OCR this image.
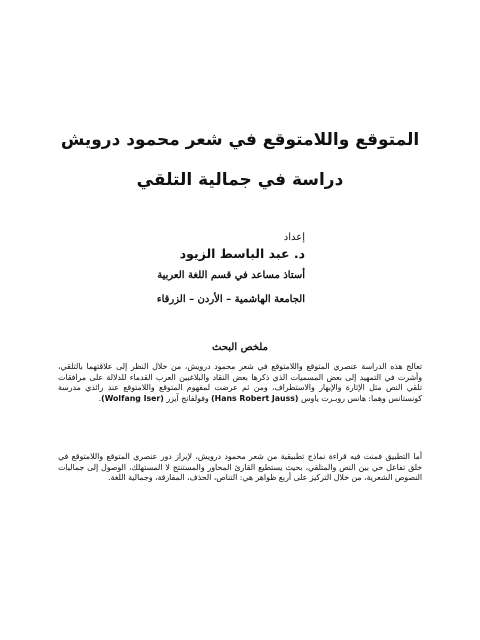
المتوقع واللامتوقع في شعر محمود درويش
دراسة في جمالية التلقي
إعداد
د. عبد الباسط الزيود
أستاذ مساعد في قسم اللغة العربية
الجامعة الهاشمية – الأردن – الزرقاء
ملخص البحث
تعالج هذه الدراسة عنصري المتوقع واللامتوقع في شعر محمود درويش، من خلال النظر إلى علاقتهما بالتلقي، وأشرت في التمهيد إلى بعض المسميات الذي ذكرها بعض النقاد والبلاغيين العرب القدماء للدلالة على مرافقات تلقي النص مثل الإثارة والإبهار والاستطراف، ومن ثم عرضت لمفهوم المتوقع واللامتوقع عند رائدي مدرسة كونستانس وهما: هانس روبـرت ياوس (Hans Robert Jauss) وفولفانج آيزر (Wolfang Iser).
أما التطبيق فمنت فيه قراءة نماذج تطبيقية من شعر محمود درويش، لإبراز دور عنصري المتوقع واللامتوقع في خلق تفاعل حي بين النص والمتلقي، بحيث يستطيع القارئ المحاور والمستنتج لا المستهلك، الوصول إلى جماليات النصوص الشعرية، من خلال التركيز على أربع ظواهر هي: التناص، الحذف، المفارقة، وجمالية اللغة.
